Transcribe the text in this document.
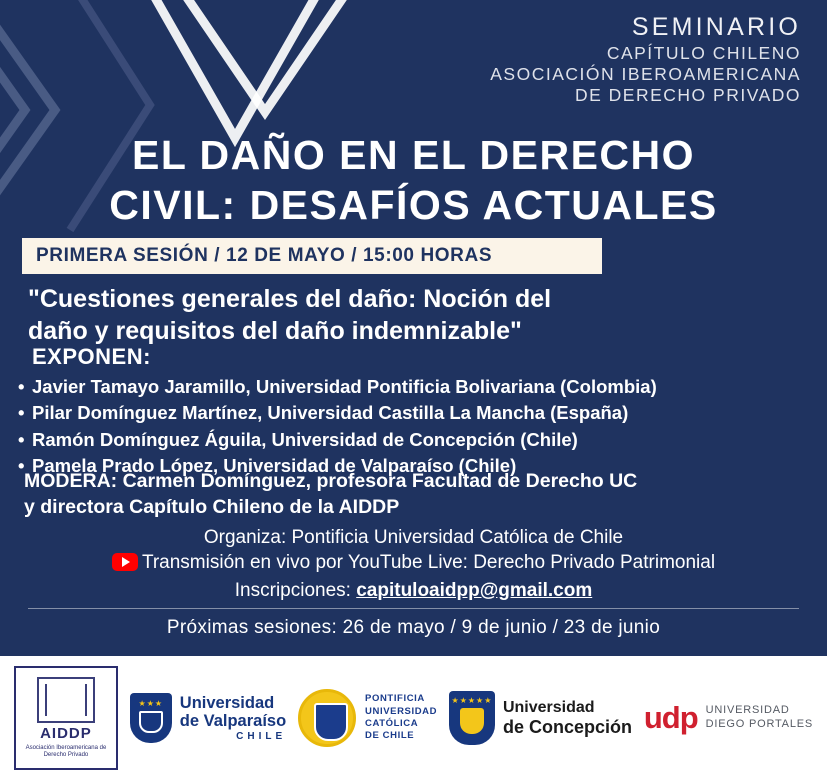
SEMINARIO
CAPÍTULO CHILENO
ASOCIACIÓN IBEROAMERICANA
DE DERECHO PRIVADO
EL DAÑO EN EL DERECHO
CIVIL: DESAFÍOS ACTUALES
PRIMERA SESIÓN / 12 DE MAYO / 15:00 HORAS
"Cuestiones generales del daño: Noción del
daño y requisitos del daño indemnizable"
EXPONEN:
• Javier Tamayo Jaramillo, Universidad Pontificia Bolivariana (Colombia)
• Pilar Domínguez Martínez, Universidad Castilla La Mancha (España)
• Ramón Domínguez Águila, Universidad de Concepción (Chile)
• Pamela Prado López, Universidad de Valparaíso (Chile)
MODERA: Carmen Domínguez, profesora Facultad de Derecho UC
y directora Capítulo Chileno de la AIDDP
Organiza: Pontificia Universidad Católica de Chile
Transmisión en vivo por YouTube Live: Derecho Privado Patrimonial
Inscripciones: capituloaidpp@gmail.com
Próximas sesiones: 26 de mayo / 9 de junio / 23 de junio
AIDDP
Asociación Iberoamericana de Derecho Privado
★★★	Universidad
de Valparaíso
CHILE
PONTIFICIA
UNIVERSIDAD
CATÓLICA
DE CHILE
★★★★★ Universidad
de Concepción udp UNIVERSIDAD
DIEGO PORTALES
